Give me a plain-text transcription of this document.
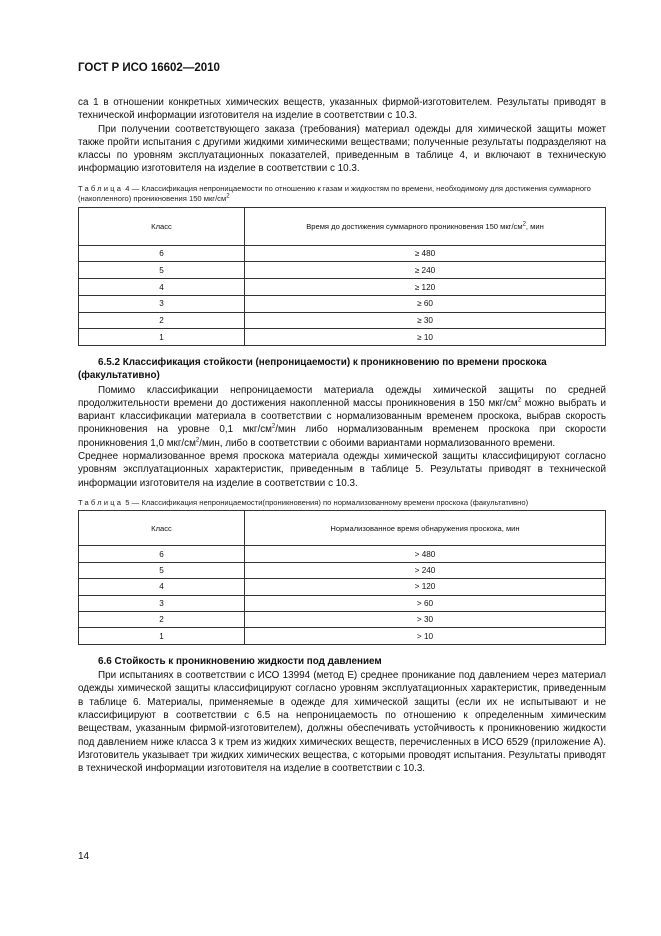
ГОСТ Р ИСО 16602—2010

са 1 в отношении конкретных химических веществ, указанных фирмой-изготовителем. Результаты приводят в технической информации изготовителя на изделие в соответствии с 10.3.

При получении соответствующего заказа (требования) материал одежды для химической защиты может также пройти испытания с другими жидкими химическими веществами; полученные результаты подразделяют на классы по уровням эксплуатационных показателей, приведенным в таблице 4, и включают в техническую информацию изготовителя на изделие в соответствии с 10.3.

Таблица 4 — Классификация непроницаемости по отношению к газам и жидкостям по времени, необходимому для достижения суммарного (накопленного) проникновения 150 мкг/$см^2$
Класс	Время до достижения суммарного проникновения 150 мкг/$см^2$, мин
6	≥ 480
5	≥ 240
4	≥ 120
3	≥ 60
2	≥ 30
1	≥ 10
6.5.2 Классификация стойкости (непроницаемости) к проникновению по времени проскока (факультативно)

Помимо классификации непроницаемости материала одежды химической защиты по средней продолжительности времени до достижения накопленной массы проникновения в 150 мкг/$см^2$ можно выбрать и вариант классификации материала в соответствии с нормализованным временем проскока, выбрав скорость проникновения на уровне 0,1 мкг/$см^2$/мин либо нормализованным временем проскока при скорости проникновения 1,0 мкг/$см^2$/мин, либо в соответствии с обоими вариантами нормализованного времени.

Среднее нормализованное время проскока материала одежды химической защиты классифицируют согласно уровням эксплуатационных характеристик, приведенным в таблице 5. Результаты приводят в технической информации изготовителя на изделие в соответствии с 10.3.

Таблица 5 — Классификация непроницаемости(проникновения) по нормализованному времени проскока (факультативно)
Класс	Нормализованное время обнаружения проскока, мин
6	> 480
5	> 240
4	> 120
3	> 60
2	> 30
1	> 10
6.6 Стойкость к проникновению жидкости под давлением

При испытаниях в соответствии с ИСО 13994 (метод Е) среднее проникание под давлением через материал одежды химической защиты классифицируют согласно уровням эксплуатационных характеристик, приведенным в таблице 6. Материалы, применяемые в одежде для химической защиты (если их не испытывают и не классифицируют в соответствии с 6.5 на непроницаемость по отношению к определенным химическим веществам, указанным фирмой-изготовителем), должны обеспечивать устойчивость к проникновению жидкости под давлением ниже класса 3 к трем из жидких химических веществ, перечисленных в ИСО 6529 (приложение А). Изготовитель указывает три жидких химических вещества, с которыми проводят испытания. Результаты приводят в технической информации изготовителя на изделие в соответствии с 10.3.

14
